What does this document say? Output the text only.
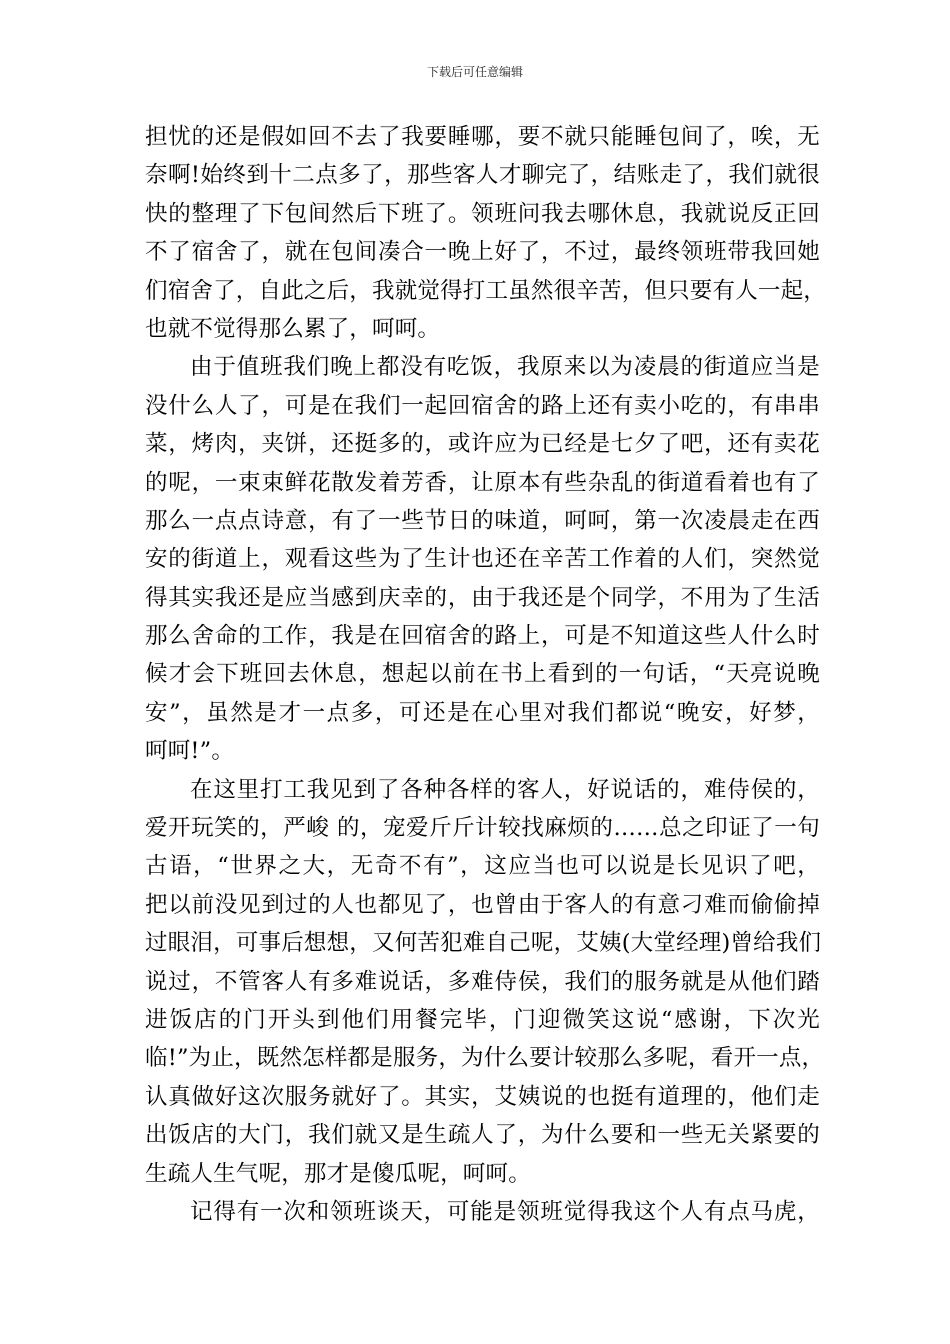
下载后可任意编辑
担忧的还是假如回不去了我要睡哪，要不就只能睡包间了，唉，无
奈啊!始终到十二点多了，那些客人才聊完了，结账走了，我们就很
快的整理了下包间然后下班了。领班问我去哪休息，我就说反正回
不了宿舍了，就在包间凑合一晚上好了，不过，最终领班带我回她
们宿舍了，自此之后，我就觉得打工虽然很辛苦，但只要有人一起，
也就不觉得那么累了，呵呵。
由于值班我们晚上都没有吃饭，我原来以为凌晨的街道应当是
没什么人了，可是在我们一起回宿舍的路上还有卖小吃的，有串串
菜，烤肉，夹饼，还挺多的，或许应为已经是七夕了吧，还有卖花
的呢，一束束鲜花散发着芳香，让原本有些杂乱的街道看着也有了
那么一点点诗意，有了一些节日的味道，呵呵，第一次凌晨走在西
安的街道上，观看这些为了生计也还在辛苦工作着的人们，突然觉
得其实我还是应当感到庆幸的，由于我还是个同学，不用为了生活
那么舍命的工作，我是在回宿舍的路上，可是不知道这些人什么时
候才会下班回去休息，想起以前在书上看到的一句话，“天亮说晚
安”，虽然是才一点多，可还是在心里对我们都说“晚安，好梦，
呵呵!”。
在这里打工我见到了各种各样的客人，好说话的，难侍侯的，
爱开玩笑的，严峻 的，宠爱斤斤计较找麻烦的……总之印证了一句
古语，“世界之大，无奇不有”，这应当也可以说是长见识了吧，
把以前没见到过的人也都见了，也曾由于客人的有意刁难而偷偷掉
过眼泪，可事后想想，又何苦犯难自己呢，艾姨(大堂经理)曾给我们
说过，不管客人有多难说话，多难侍侯，我们的服务就是从他们踏
进饭店的门开头到他们用餐完毕，门迎微笑这说“感谢，下次光
临!”为止，既然怎样都是服务，为什么要计较那么多呢，看开一点，
认真做好这次服务就好了。其实，艾姨说的也挺有道理的，他们走
出饭店的大门，我们就又是生疏人了，为什么要和一些无关紧要的
生疏人生气呢，那才是傻瓜呢，呵呵。
记得有一次和领班谈天，可能是领班觉得我这个人有点马虎，
